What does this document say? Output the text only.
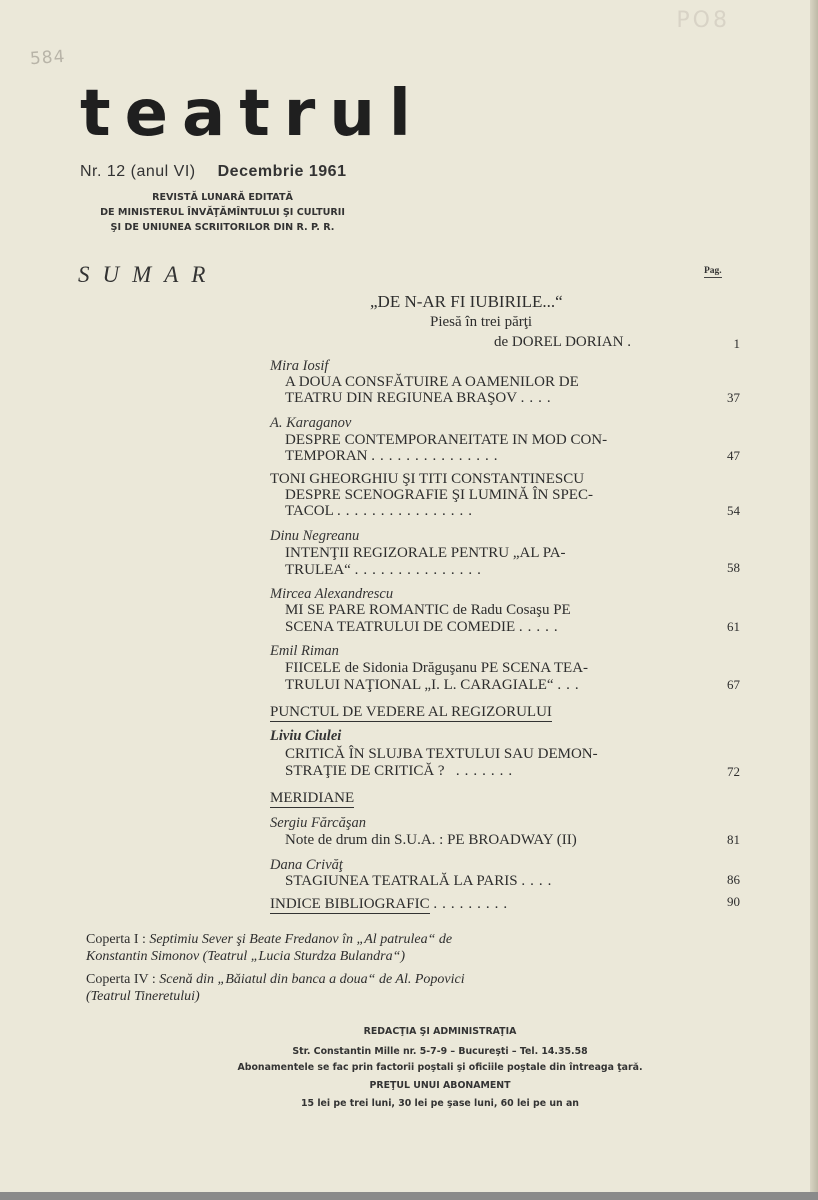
584
PO8
teatrul
Nr. 12 (anul VI) Decembrie 1961
REVISTĂ LUNARĂ EDITATĂ
DE MINISTERUL ÎNVĂŢĂMÎNTULUI ŞI CULTURII
ŞI DE UNIUNEA SCRIITORILOR DIN R. P. R.
SUMAR	Pag.
„DE N-AR FI IUBIRILE...“
Piesă în trei părţi
de DOREL DORIAN .	1
Mira Iosif
A DOUA CONSFĂTUIRE A OAMENILOR DE
TEATRU DIN REGIUNEA BRAŞOV ....	37
A. Karaganov
DESPRE CONTEMPORANEITATE IN MOD CON-
TEMPORAN ...............	47
TONI GHEORGHIU ŞI TITI CONSTANTINESCU
DESPRE SCENOGRAFIE ŞI LUMINĂ ÎN SPEC-
TACOL ................	54
Dinu Negreanu
INTENŢII REGIZORALE PENTRU „AL PA-
TRULEA“ ...............	58
Mircea Alexandrescu
MI SE PARE ROMANTIC de Radu Cosaşu PE
SCENA TEATRULUI DE COMEDIE .....	61
Emil Riman
FIICELE de Sidonia Drăguşanu PE SCENA TEA-
TRULUI NAŢIONAL „I. L. CARAGIALE“ ...	67
PUNCTUL DE VEDERE AL REGIZORULUI
Liviu Ciulei
CRITICĂ ÎN SLUJBA TEXTULUI SAU DEMON-
STRAŢIE DE CRITICĂ ? .......	72
MERIDIANE
Sergiu Fărcăşan
Note de drum din S.U.A. : PE BROADWAY (II)	81
Dana Crivăţ
STAGIUNEA TEATRALĂ LA PARIS ....	86
INDICE BIBLIOGRAFIC .........	90
Coperta I : Septimiu Sever şi Beate Fredanov în „Al patrulea“ de
Konstantin Simonov (Teatrul „Lucia Sturdza Bulandra“)
Coperta IV : Scenă din „Băiatul din banca a doua“ de Al. Popovici
(Teatrul Tineretului)
REDACŢIA ŞI ADMINISTRAŢIA
Str. Constantin Mille nr. 5-7-9 – Bucureşti – Tel. 14.35.58
Abonamentele se fac prin factorii poştali şi oficiile poştale din întreaga ţară.
PREŢUL UNUI ABONAMENT
15 lei pe trei luni, 30 lei pe şase luni, 60 lei pe un an
